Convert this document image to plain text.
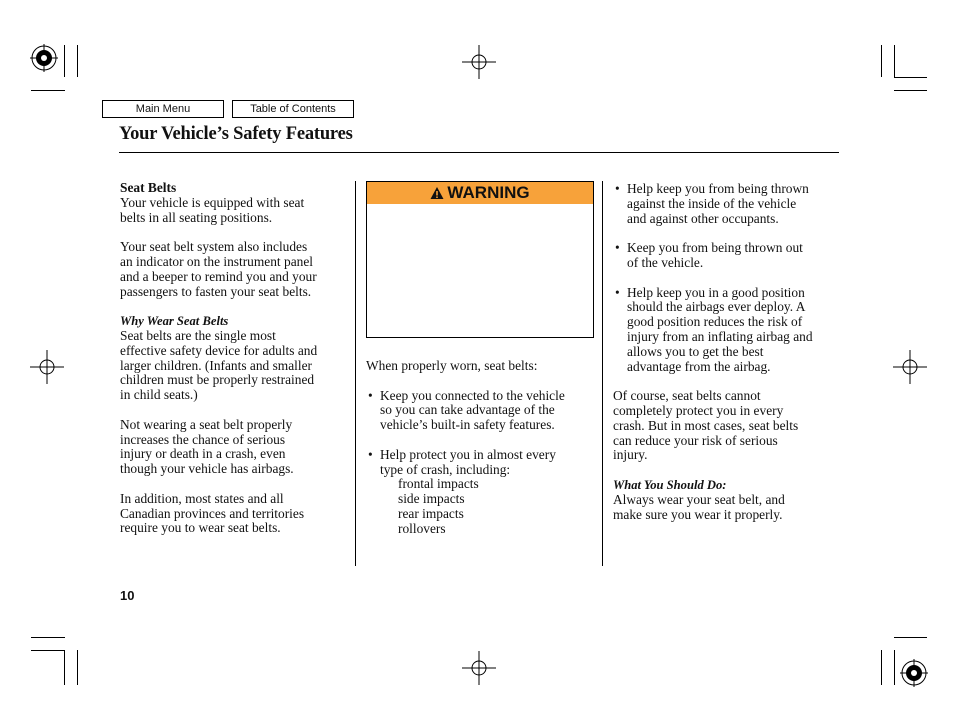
Main Menu	Table of Contents
Your Vehicle’s Safety Features

Seat Belts

Your vehicle is equipped with seat

belts in all seating positions.

Your seat belt system also includes

an indicator on the instrument panel

and a beeper to remind you and your

passengers to fasten your seat belts.

Why Wear Seat Belts

Seat belts are the single most

effective safety device for adults and

larger children. (Infants and smaller

children must be properly restrained

in child seats.)

Not wearing a seat belt properly

increases the chance of serious

injury or death in a crash, even

though your vehicle has airbags.

In addition, most states and all

Canadian provinces and territories

require you to wear seat belts.

WARNING

When properly worn, seat belts:

• Keep you connected to the vehicle

so you can take advantage of the

vehicle’s built-in safety features.

• Help protect you in almost every

type of crash, including:

frontal impacts

side impacts

rear impacts

rollovers

• Help keep you from being thrown

against the inside of the vehicle

and against other occupants.

• Keep you from being thrown out

of the vehicle.

• Help keep you in a good position

should the airbags ever deploy. A

good position reduces the risk of

injury from an inflating airbag and

allows you to get the best

advantage from the airbag.

Of course, seat belts cannot

completely protect you in every

crash. But in most cases, seat belts

can reduce your risk of serious

injury.

What You Should Do:

Always wear your seat belt, and

make sure you wear it properly.

10
